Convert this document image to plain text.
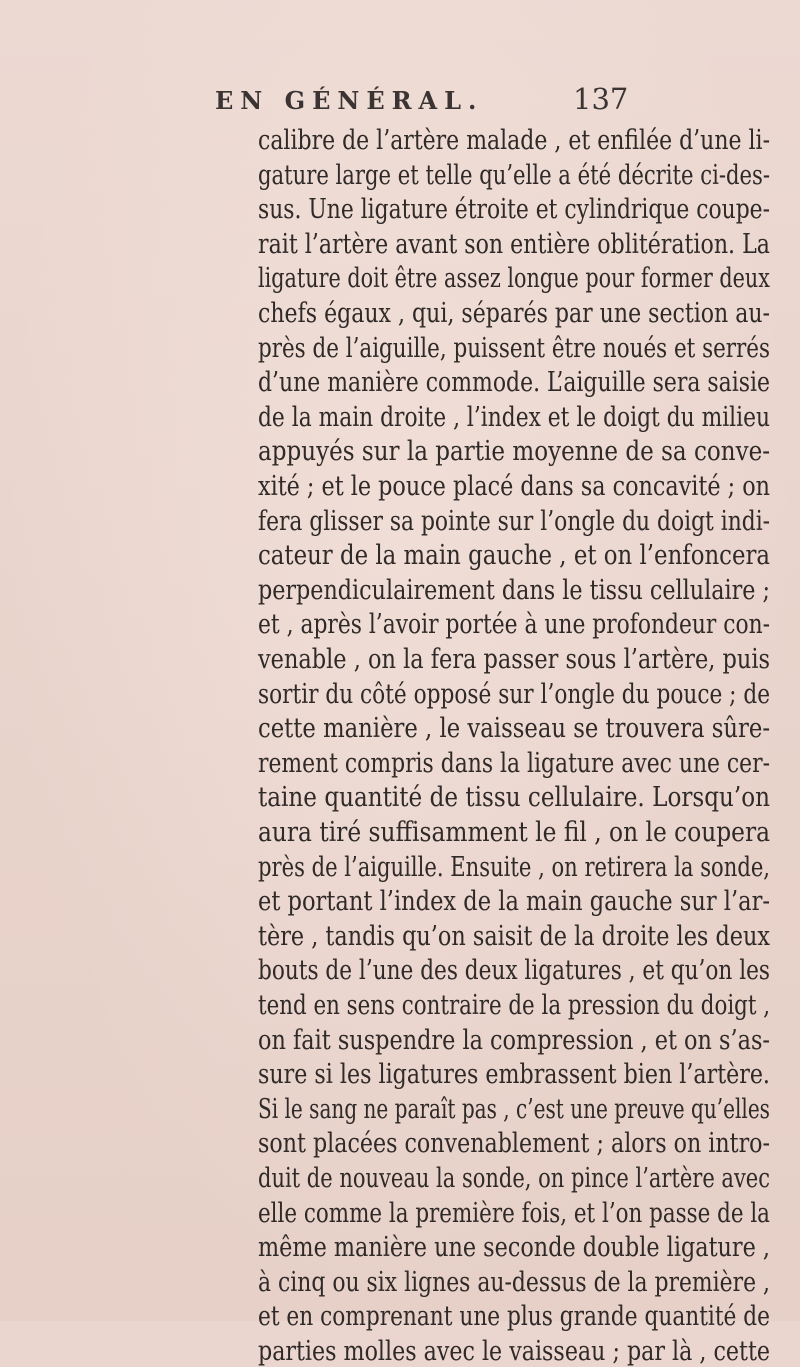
EN GÉNÉRAL.	137
calibre de l’artère malade , et enfilée d’une li-
gature large et telle qu’elle a été décrite ci-des-
sus. Une ligature étroite et cylindrique coupe-
rait l’artère avant son entière oblitération. La
ligature doit être assez longue pour former deux
chefs égaux , qui, séparés par une section au-
près de l’aiguille, puissent être noués et serrés
d’une manière commode. L’aiguille sera saisie
de la main droite , l’index et le doigt du milieu
appuyés sur la partie moyenne de sa conve-
xité ; et le pouce placé dans sa concavité ; on
fera glisser sa pointe sur l’ongle du doigt indi-
cateur de la main gauche , et on l’enfoncera
perpendiculairement dans le tissu cellulaire ;
et , après l’avoir portée à une profondeur con-
venable , on la fera passer sous l’artère, puis
sortir du côté opposé sur l’ongle du pouce ; de
cette manière , le vaisseau se trouvera sûre-
rement compris dans la ligature avec une cer-
taine quantité de tissu cellulaire. Lorsqu’on
aura tiré suffisamment le fil , on le coupera
près de l’aiguille. Ensuite , on retirera la sonde,
et portant l’index de la main gauche sur l’ar-
tère , tandis qu’on saisit de la droite les deux
bouts de l’une des deux ligatures , et qu’on les
tend en sens contraire de la pression du doigt ,
on fait suspendre la compression , et on s’as-
sure si les ligatures embrassent bien l’artère.
Si le sang ne paraît pas , c’est une preuve qu’elles
sont placées convenablement ; alors on intro-
duit de nouveau la sonde, on pince l’artère avec
elle comme la première fois, et l’on passe de la
même manière une seconde double ligature ,
à cinq ou six lignes au-dessus de la première ,
et en comprenant une plus grande quantité de
parties molles avec le vaisseau ; par là , cette
